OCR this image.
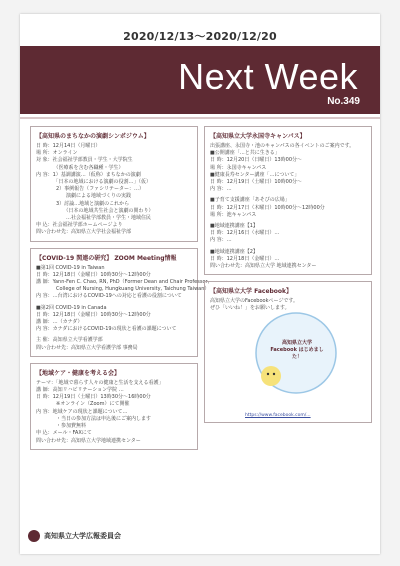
2020/12/13～2020/12/20
Next Week
No.349
【高知県のまちなかの演劇シンポジウム】
日 時：12月14日（月曜日）
場 所：オンライン
対 象：社会福祉学部教員・学生・大学院生
　　　　（医療系を含む各職種・学生）
内 容：1）基調講演…（仮称）まちなかの演劇
　　　　「日本の地域における演劇の役割…」（仮）
　　　　2）事例報告（ファシリテーター：…）
　　　　　　演劇による地域づくりの実践
　　　　3）討論…地域と演劇のこれから
　　　　　　（日本の地域共生社会と演劇の関わり）
　　　　　　…社会福祉学部教員・学生・地域住民
申 込：社会福祉学部ホームページより
問い合わせ先：高知県立大学社会福祉学部
【COVID-19 関連の研究】 ZOOM Meeting情報
■第1回 COVID-19 in Taiwan
日 時：12月18日（金曜日）10時30分～12時00分
講 師：Yann-Fen C. Chao, RN, PhD（Former Dean and Chair Professor,
　　　　College of Nursing, Hungkuang University, Taichung Taiwan）
内 容：…台湾におけるCOVID-19への対応と看護の役割について
■第2回 COVID-19 in Canada
日 時：12月18日（金曜日）10時30分～12時00分
講 師：…（カナダ）
内 容：カナダにおけるCOVID-19の現状と看護の課題について
主 催：高知県立大学看護学部
問い合わせ先：高知県立大学看護学部 事務局
【地域ケア・健康を考える会】
テーマ：「地域で暮らす人々の健康と生活を支える看護」
講 師：高知リハビリテーション学院 …
日 時：12月19日（土曜日）13時30分～16時00分
　　　　※オンライン（Zoom）にて開催
内 容：地域ケアの現状と課題について…
　　　　・当日の参加方法は申込後にご案内します
　　　　・参加費無料
申 込：メール・FAXにて
問い合わせ先：高知県立大学地域連携センター
【高知県立大学永国寺キャンパス】
出張講座、永国寺・池のキャンパスの各イベントのご案内です。
■公開講座「…と共に生きる」
日 時：12月20日（日曜日）13時00分～
場 所：永国寺キャンパス
■健康長寿センター講座「…について」
日 時：12月19日（土曜日）10時00分～
内 容：…
■子育て支援講座「あそびの広場」
日 時：12月17日（木曜日）10時00分～12時00分
場 所：池キャンパス
■地域連携講座【1】
日 時：12月16日（水曜日）…
内 容：…
■地域連携講座【2】
日 時：12月18日（金曜日）…
問い合わせ先：高知県立大学 地域連携センター
【高知県立大学 Facebook】
高知県立大学のFacebookページです。
ぜひ「いいね！」をお願いします。
高知県立大学 Facebook はじめました！
https://www.facebook.com/...
高知県立大学広報委員会
